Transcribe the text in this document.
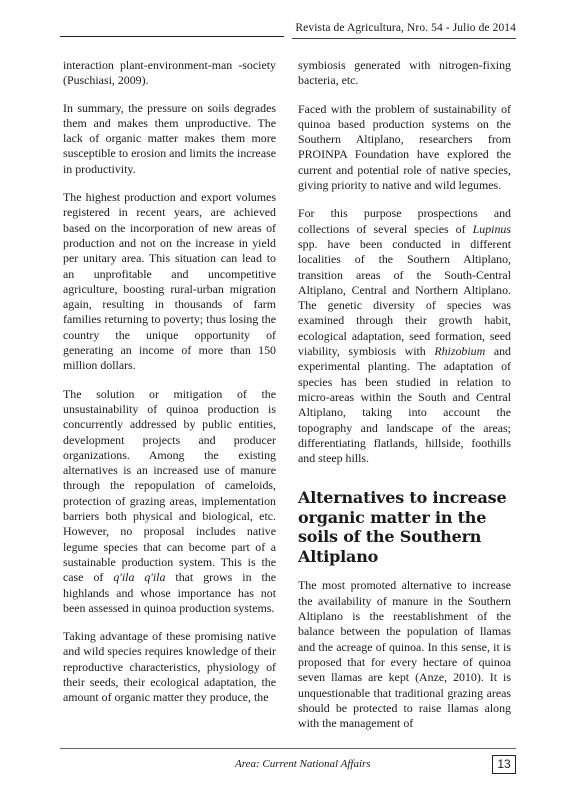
Revista de Agricultura, Nro. 54 - Julio de 2014

interaction plant-environment-man -society (Puschiasi, 2009).

In summary, the pressure on soils degrades them and makes them unproductive. The lack of organic matter makes them more susceptible to erosion and limits the increase in productivity.

The highest production and export volumes registered in recent years, are achieved based on the incorporation of new areas of production and not on the increase in yield per unitary area. This situation can lead to an unprofitable and uncompetitive agriculture, boosting rural-urban migration again, resulting in thousands of farm families returning to poverty; thus losing the country the unique opportunity of generating an income of more than 150 million dollars.

The solution or mitigation of the unsustainability of quinoa production is concurrently addressed by public entities, development projects and producer organizations. Among the existing alternatives is an increased use of manure through the repopulation of cameloids, protection of grazing areas, implementation barriers both physical and biological, etc. However, no proposal includes native legume species that can become part of a sustainable production system. This is the case of q'ila q'ila that grows in the highlands and whose importance has not been assessed in quinoa production systems.

Taking advantage of these promising native and wild species requires knowledge of their reproductive characteristics, physiology of their seeds, their ecological adaptation, the amount of organic matter they produce, the

symbiosis generated with nitrogen-fixing bacteria, etc.

Faced with the problem of sustainability of quinoa based production systems on the Southern Altiplano, researchers from PROINPA Foundation have explored the current and potential role of native species, giving priority to native and wild legumes.

For this purpose prospections and collections of several species of Lupinus spp. have been conducted in different localities of the Southern Altiplano, transition areas of the South-Central Altiplano, Central and Northern Altiplano. The genetic diversity of species was examined through their growth habit, ecological adaptation, seed formation, seed viability, symbiosis with Rhizobium and experimental planting. The adaptation of species has been studied in relation to micro-areas within the South and Central Altiplano, taking into account the topography and landscape of the areas; differentiating flatlands, hillside, foothills and steep hills.

Alternatives to increase organic matter in the soils of the Southern Altiplano

The most promoted alternative to increase the availability of manure in the Southern Altiplano is the reestablishment of the balance between the population of llamas and the acreage of quinoa. In this sense, it is proposed that for every hectare of quinoa seven llamas are kept (Anze, 2010). It is unquestionable that traditional grazing areas should be protected to raise llamas along with the management of

Area: Current National Affairs	13
